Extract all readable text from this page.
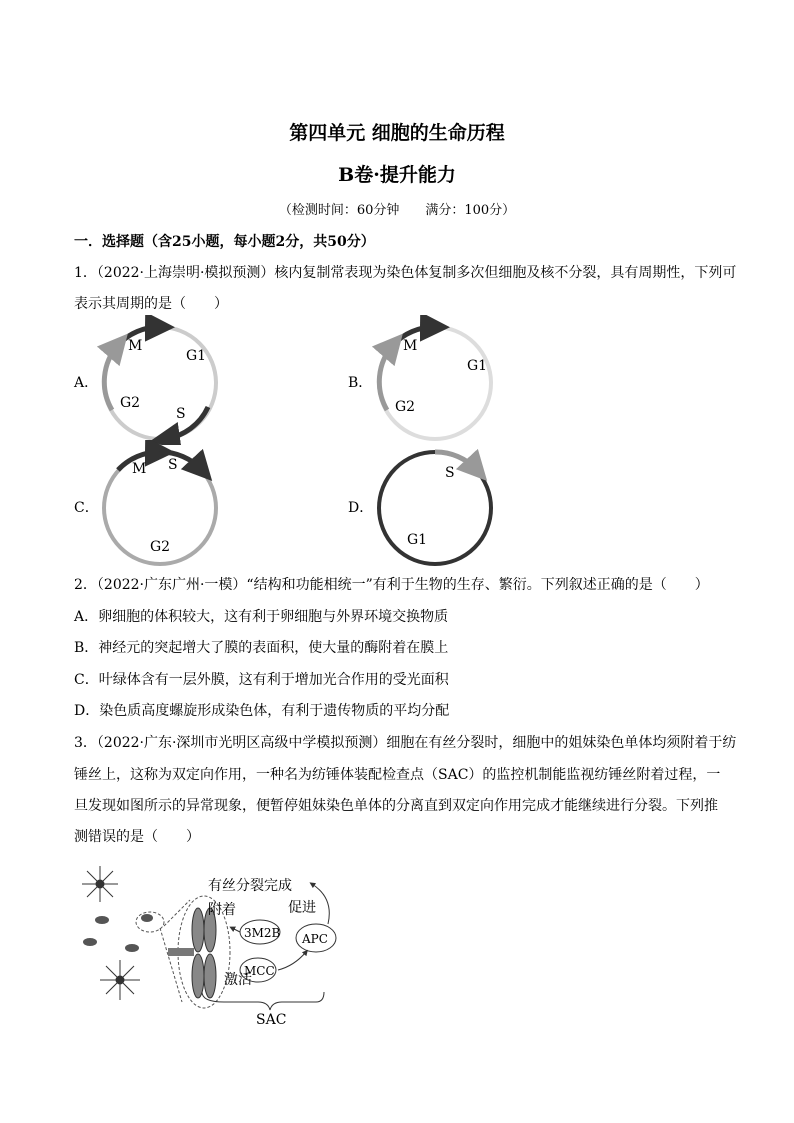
第四单元 细胞的生命历程
B卷·提升能力
（检测时间：60分钟　　满分：100分）
一．选择题（含25小题，每小题2分，共50分）
1．（2022·上海崇明·模拟预测）核内复制常表现为染色体复制多次但细胞及核不分裂，具有周期性，下列可
表示其周期的是（　　）
A．	B．
C．	D．
M
G1
G2
S
M
G1
G2
M S
G2
S
G1
2．（2022·广东广州·一模）“结构和功能相统一”有利于生物的生存、繁衍。下列叙述正确的是（　　）
A．卵细胞的体积较大，这有利于卵细胞与外界环境交换物质
B．神经元的突起增大了膜的表面积，使大量的酶附着在膜上
C．叶绿体含有一层外膜，这有利于增加光合作用的受光面积
D．染色质高度螺旋形成染色体，有利于遗传物质的平均分配
3．（2022·广东·深圳市光明区高级中学模拟预测）细胞在有丝分裂时，细胞中的姐妹染色单体均须附着于纺
锤丝上，这称为双定向作用，一种名为纺锤体装配检查点（SAC）的监控机制能监视纺锤丝附着过程，一
旦发现如图所示的异常现象，便暂停姐妹染色单体的分离直到双定向作用完成才能继续进行分裂。下列推
测错误的是（　　）
有丝分裂完成
附着	促进
激活
3M2B APC
MCC
SAC
